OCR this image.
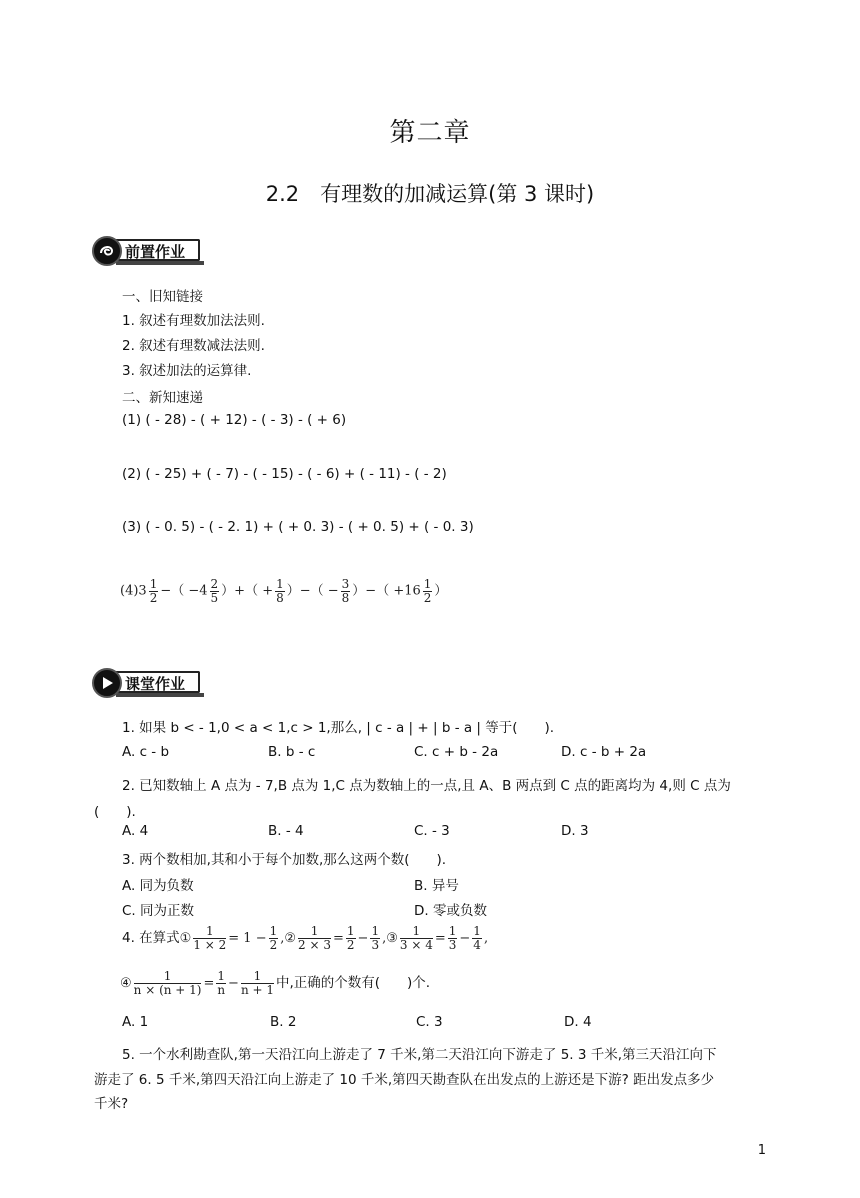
第二章
2.2　有理数的加减运算(第 3 课时)
前置作业
一、旧知链接
1. 叙述有理数加法法则.
2. 叙述有理数减法法则.
3. 叙述加法的运算律.
二、新知速递
(1) ( - 28) - ( + 12) - ( - 3) - ( + 6)
(2) ( - 25) + ( - 7) - ( - 15) - ( - 6) + ( - 11) - ( - 2)
(3) ( - 0. 5) - ( - 2. 1) + ( + 0. 3) - ( + 0. 5) + ( - 0. 3)
$(4)3 \frac{1}{2}$ −（ $-4 \frac{2}{5}$ ）+（ + $\frac{1}{8}$ ）−（ − $\frac{3}{8}$ ）−（ $+16 \frac{1}{2}$ ）
课堂作业
1. 如果 b < - 1,0 < a < 1,c > 1,那么, | c - a | + | b - a | 等于(　　).
A. c - b	B. b - c	C. c + b - 2a	D. c - b + 2a
2. 已知数轴上 A 点为 - 7,B 点为 1,C 点为数轴上的一点,且 A、B 两点到 C 点的距离均为 4,则 C 点为
(　　).
A. 4	B. - 4	C. - 3	D. 3
3. 两个数相加,其和小于每个加数,那么这两个数(　　).
A. 同为负数	B. 异号
C. 同为正数	D. 零或负数
4. 在算式① $\frac{1}{1 \times 2} = 1 - \frac{1}{2}$ ,② $\frac{1}{2 \times 3} = \frac{1}{2} - \frac{1}{3}$ ,③ $\frac{1}{3 \times 4} = \frac{1}{3} - \frac{1}{4}$ ,
④ $\frac{1}{n \times (n + 1)} = \frac{1}{n} - \frac{1}{n + 1}$ 中,正确的个数有(　　)个.
A. 1	B. 2	C. 3	D. 4
5. 一个水利勘查队,第一天沿江向上游走了 7 千米,第二天沿江向下游走了 5. 3 千米,第三天沿江向下
游走了 6. 5 千米,第四天沿江向上游走了 10 千米,第四天勘查队在出发点的上游还是下游? 距出发点多少
千米?
1
